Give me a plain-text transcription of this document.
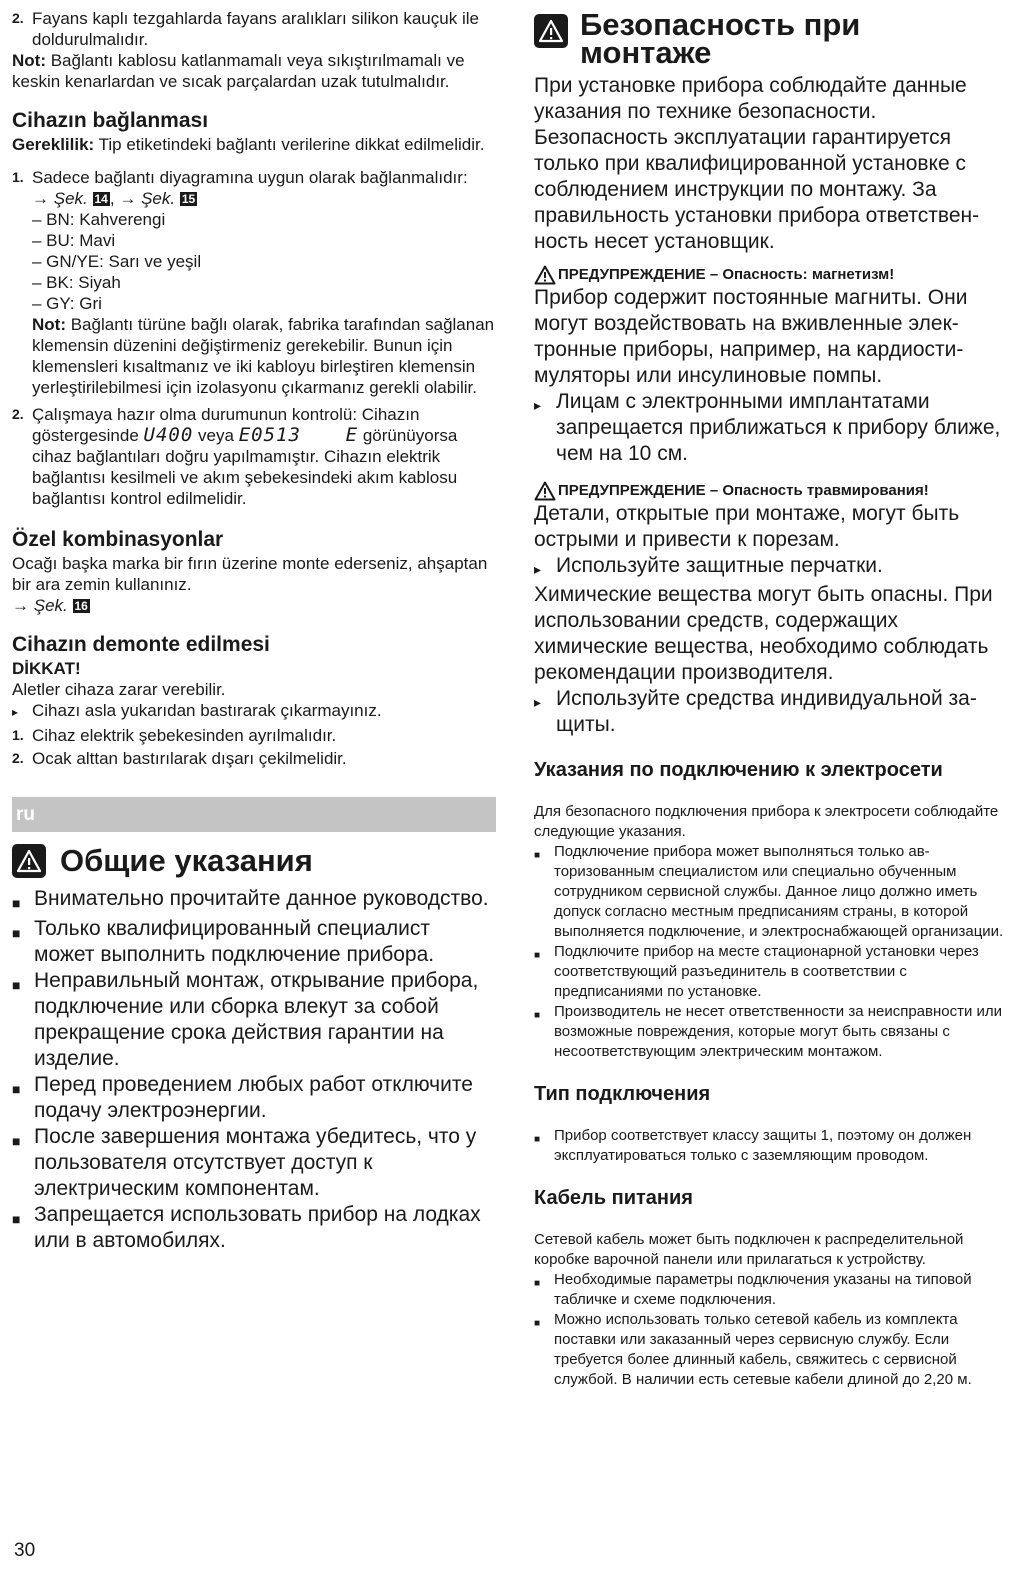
2. Fayans kaplı tezgahlarda fayans aralıkları silikon kauçuk ile doldurulmalıdır.

Not: Bağlantı kablosu katlanmamalı veya sıkıştırılmamalı ve keskin kenarlardan ve sıcak parçalardan uzak tutulmalıdır.

Cihazın bağlanması

Gereklilik: Tip etiketindeki bağlantı verilerine dikkat edilmelidir.

1. Sadece bağlantı diyagramına uygun olarak bağlanmalıdır:

→ Şek. 14 , → Şek. 15

– BN: Kahverengi

– BU: Mavi

– GN/YE: Sarı ve yeşil

– BK: Siyah

– GY: Gri

Not: Bağlantı türüne bağlı olarak, fabrika tarafından sağlanan klemensin düzenini değiştirmeniz gerekebilir. Bunun için klemensleri kısaltmanız ve iki kabloyu birleştiren klemensin yerleştirilebilmesi için izolasyonu çıkarmanız gerekli olabilir.

2. Çalışmaya hazır olma durumunun kontrolü: Cihazın göstergesinde U400 veya E0513 E görünüyorsa cihaz bağlantıları doğru yapılmamıştır. Cihazın elektrik bağlantısı kesilmeli ve akım şebekesindeki akım kablosu bağlantısı kontrol edilmelidir.
Özel kombinasyonlar

Ocağı başka marka bir fırın üzerine monte ederseniz, ahşaptan bir ara zemin kullanınız.

→ Şek. 16

Cihazın demonte edilmesi

DİKKAT!

Aletler cihaza zarar verebilir.

▸ Cihazı asla yukarıdan bastırarak çıkarmayınız.
1. Cihaz elektrik şebekesinden ayrılmalıdır.
2. Ocak alttan bastırılarak dışarı çekilmelidir.
ru
Общие указания
■ Внимательно прочитайте данное руководство.
■ Только квалифицированный специалист может выполнить подключение прибора.
■ Неправильный монтаж, открывание прибора, подключение или сборка влекут за собой прекращение срока действия гарантии на изделие.
■ Перед проведением любых работ отключите подачу электроэнергии.
■ После завершения монтажа убедитесь, что у пользователя отсутствует доступ к электрическим компонентам.
■ Запрещается использовать прибор на лодках или в автомобилях.
Безопасность при монтаже

При установке прибора соблюдайте данные указания по технике безопасности. Безопасность эксплуатации гарантируется только при квалифицированной установке с соблюдением инструкции по монтажу. За правильность установки прибора ответственность несет установщик.

ПРЕДУПРЕЖДЕНИЕ – Опасность: магнетизм!

Прибор содержит постоянные магниты. Они могут воздействовать на вживленные электронные приборы, например, на кардиостимуляторы или инсулиновые помпы.

▸ Лицам с электронными имплантатами запрещается приближаться к прибору ближе, чем на 10 см.
ПРЕДУПРЕЖДЕНИЕ – Опасность травмирования!

Детали, открытые при монтаже, могут быть острыми и привести к порезам.

▸ Используйте защитные перчатки.

Химические вещества могут быть опасны. При использовании средств, содержащих химические вещества, необходимо соблюдать рекомендации производителя.

▸ Используйте средства индивидуальной защиты.
Указания по подключению к электросети

Для безопасного подключения прибора к электросети соблюдайте следующие указания.

■ Подключение прибора может выполняться только авторизованным специалистом или специально обученным сотрудником сервисной службы. Данное лицо должно иметь допуск согласно местным предписаниям страны, в которой выполняется подключение, и электроснабжающей организации.
■ Подключите прибор на месте стационарной установки через соответствующий разъединитель в соответствии с предписаниями по установке.
■ Производитель не несет ответственности за неисправности или возможные повреждения, которые могут быть связаны с несоответствующим электрическим монтажом.
Тип подключения
■ Прибор соответствует классу защиты 1, поэтому он должен эксплуатироваться только с заземляющим проводом.
Кабель питания

Сетевой кабель может быть подключен к распределительной коробке варочной панели или прилагаться к устройству.

■ Необходимые параметры подключения указаны на типовой табличке и схеме подключения.
■ Можно использовать только сетевой кабель из комплекта поставки или заказанный через сервисную службу. Если требуется более длинный кабель, свяжитесь с сервисной службой. В наличии есть сетевые кабели длиной до 2,20 м.
30
